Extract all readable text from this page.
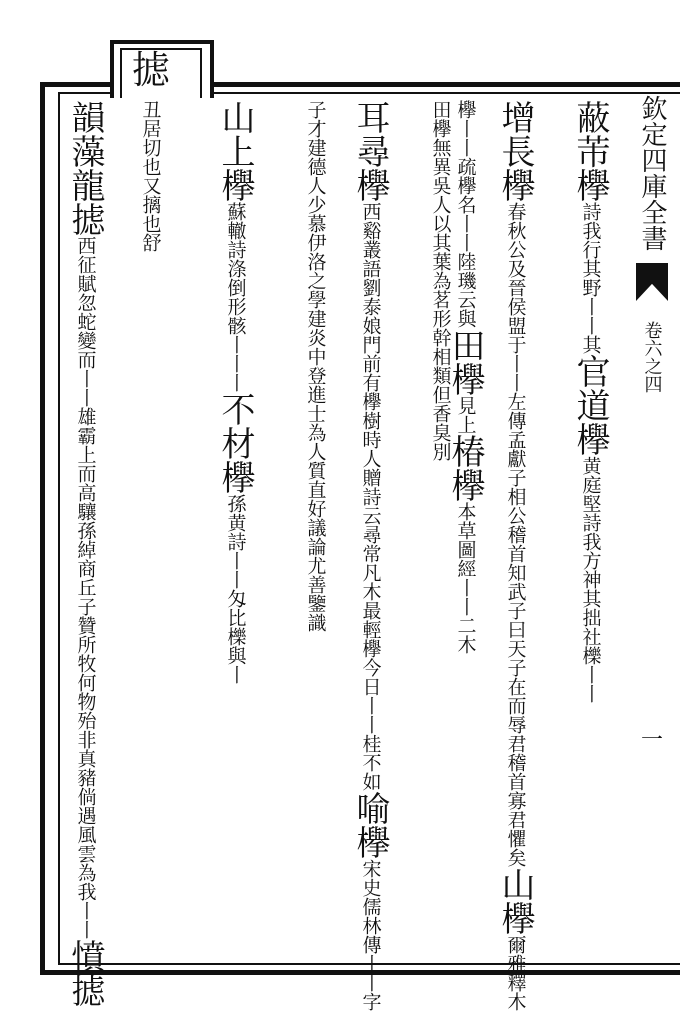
摅
欽定四庫全書
卷六之四
一
蔽芾欅
詩我行其野
丨丨其
官道欅
黄庭堅詩我方神
其拙社櫟丨丨
增長欅
春秋公及晉侯盟于丨丨左傳孟獻子相公稽
首知武子曰天子在而辱君稽首寡君懼矣
山欅
爾雅
釋木
欅丨丨疏欅名丨丨陸璣云與
田欅
見
上
椿欅
本草圖經丨丨二木
田欅無異吳人以其葉為茗
形幹相類但香臭別
耳尋欅
西谿叢語劉泰娘門前有欅樹時人贈詩
云尋常凡木最輕欅今日丨丨桂不如
喻欅
宋史儒林
傳丨丨字
子才建德人少慕伊洛之學建炎中
登進士為人質直好議論尤善鑒識
山上欅
蘇轍詩涤倒
形骸丨丨丨
不材欅
孫黄詩丨丨
匁比櫟與丨
丑居切
也又摛也
舒
韻藻龍摅
西征賦忽蛇變而丨丨雄霸上而高驤孫綽商丘
子贊所牧何物殆非真豬倘遇風雲為我丨丨
憤摅
